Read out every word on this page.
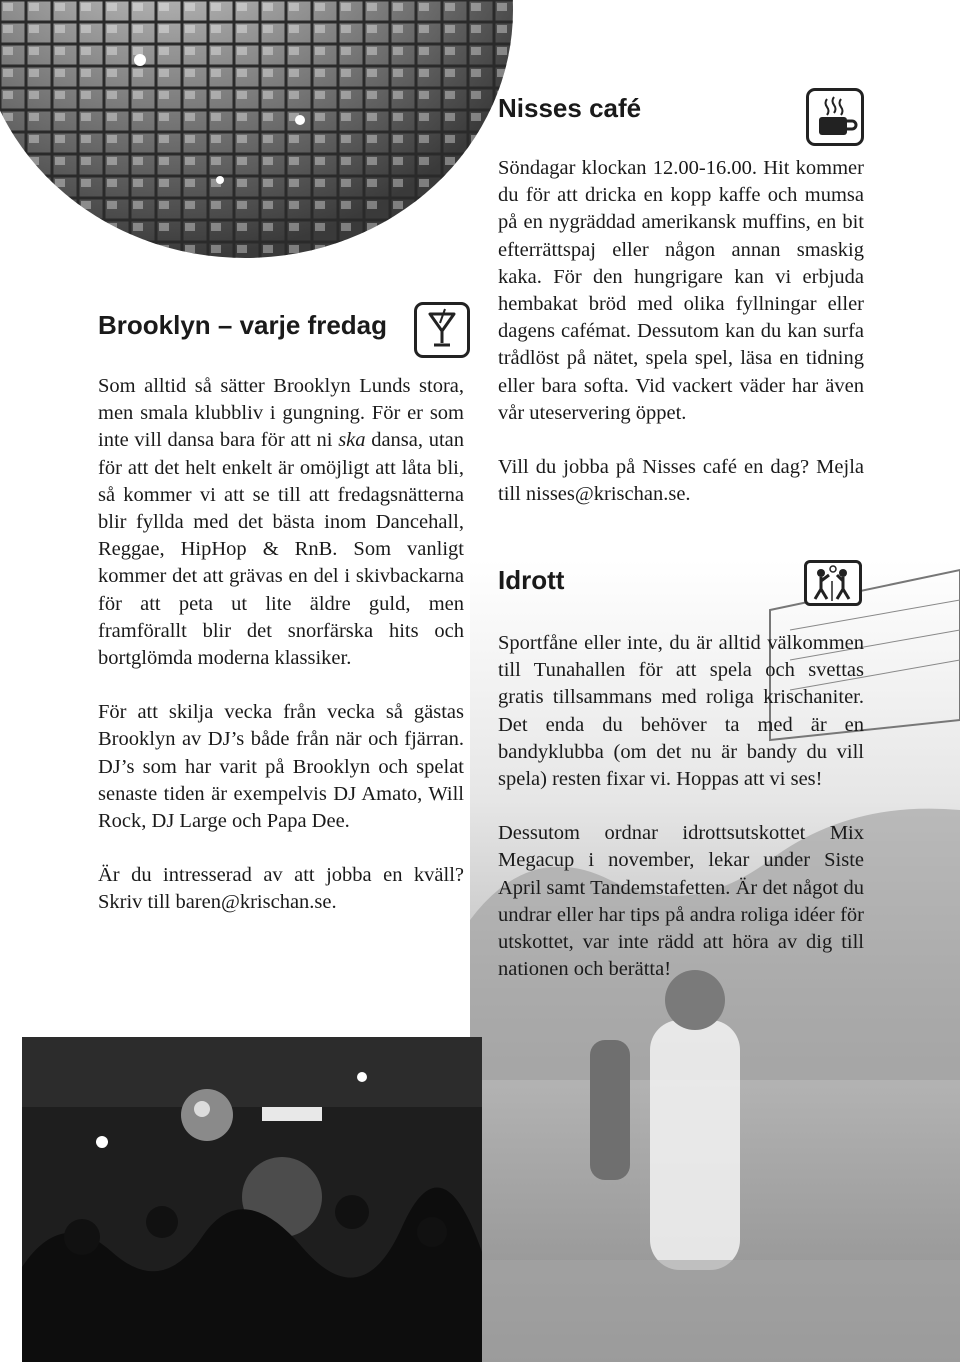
Brooklyn – varje fredag

Som alltid så sätter Brooklyn Lunds stora, men smala klubbliv i gungning. För er som inte vill dansa bara för att ni ska dansa, utan för att det helt enkelt är omöjligt att låta bli, så kommer vi att se till att fredagsnätterna blir fyllda med det bästa inom Dancehall, Reggae, HipHop & RnB. Som vanligt kommer det att grävas en del i skivbackarna för att peta ut lite äldre guld, men framförallt blir det snorfärska hits och bortglömda moderna klassiker.

För att skilja vecka från vecka så gästas Brooklyn av DJ’s både från när och fjärran. DJ’s som har varit på Brooklyn och spelat senaste tiden är exempelvis DJ Amato, Will Rock, DJ Large och Papa Dee.

Är du intresserad av att jobba en kväll? Skriv till baren@krischan.se.

Nisses café

Söndagar klockan 12.00-16.00. Hit kommer du för att dricka en kopp kaffe och mumsa på en nygräddad amerikansk muffins, en bit efterrättspaj eller någon annan smaskig kaka. För den hungrigare kan vi erbjuda hembakat bröd med olika fyllningar eller dagens cafémat. Dessutom kan du kan surfa trådlöst på nätet, spela spel, läsa en tidning eller bara softa. Vid vackert väder har även vår uteservering öppet.

Vill du jobba på Nisses café en dag? Mejla till nisses@krischan.se.

Idrott

Sportfåne eller inte, du är alltid välkommen till Tunahallen för att spela och svettas gratis tillsammans med roliga krischaniter. Det enda du behöver ta med är en bandyklubba (om det nu är bandy du vill spela) resten fixar vi. Hoppas att vi ses!

Dessutom ordnar idrottsutskottet Mix Megacup i november, lekar under Siste April samt Tandemstafetten. Är det något du undrar eller har tips på andra roliga idéer för utskottet, var inte rädd att höra av dig till nationen och berätta!
